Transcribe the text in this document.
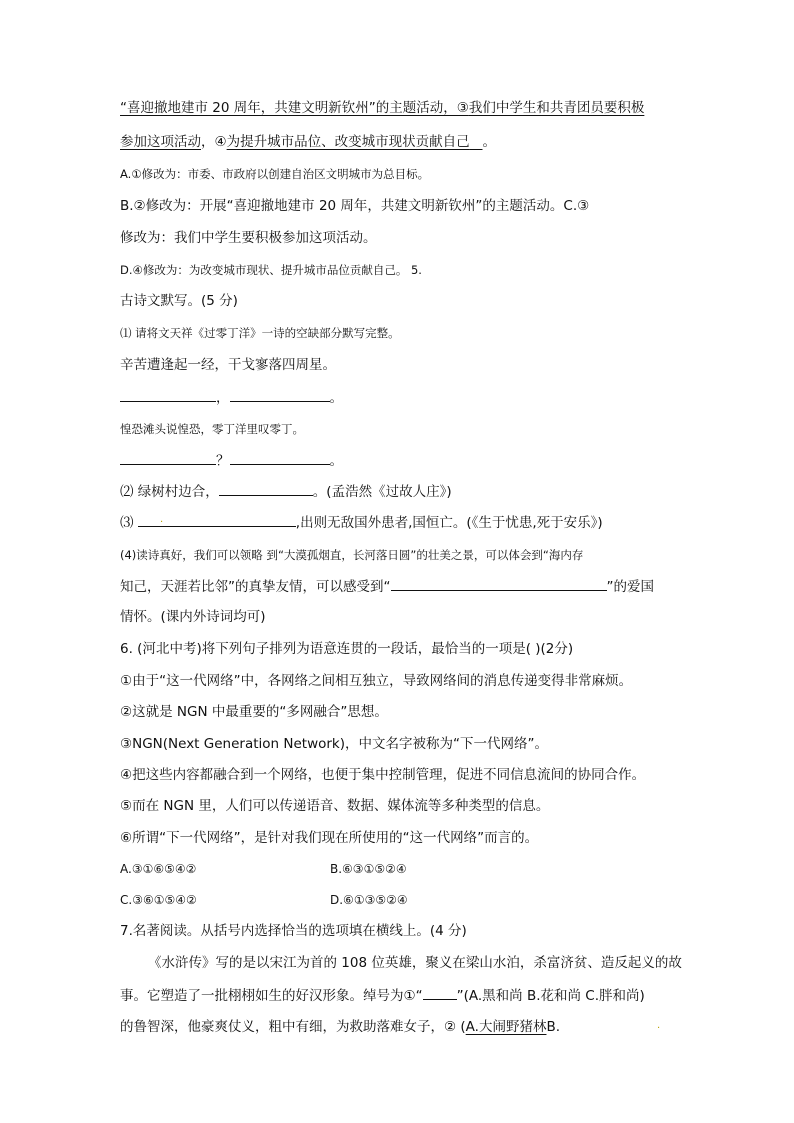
“喜迎撤地建市 20 周年，共建文明新钦州”的主题活动，③我们中学生和共青团员要积极
参加这项活动，④为提升城市品位、改变城市现状贡献自己 。
A.①修改为：市委、市政府以创建自治区文明城市为总目标。
B.②修改为：开展“喜迎撤地建市 20 周年，共建文明新钦州”的主题活动。C.③
修改为：我们中学生要积极参加这项活动。
D.④修改为：为改变城市现状、提升城市品位贡献自己。 5.
古诗文默写。(5 分)
⑴ 请将文天祥《过零丁洋》一诗的空缺部分默写完整。
辛苦遭逢起一经，干戈寥落四周星。
，	。
惶恐滩头说惶恐，零丁洋里叹零丁。
？	。
⑵ 绿树村边合，	。(孟浩然《过故人庄》)
⑶	,出则无敌国外患者,国恒亡。(《生于忧患,死于安乐》)
(4)读诗真好，我们可以领略 到“大漠孤烟直，长河落日圆”的壮美之景，可以体会到“海内存
知己，天涯若比邻”的真挚友情，可以感受到“	”的爱国
情怀。(课内外诗词均可)
6. (河北中考)将下列句子排列为语意连贯的一段话，最恰当的一项是( )(2分)
①由于“这一代网络”中，各网络之间相互独立，导致网络间的消息传递变得非常麻烦。
②这就是 NGN 中最重要的“多网融合”思想。
③NGN(Next Generation Network)，中文名字被称为“下一代网络”。
④把这些内容都融合到一个网络，也便于集中控制管理，促进不同信息流间的协同合作。
⑤而在 NGN 里，人们可以传递语音、数据、媒体流等多种类型的信息。
⑥所谓“下一代网络”，是针对我们现在所使用的“这一代网络”而言的。
A.③①⑥⑤④②	B.⑥③①⑤②④
C.③⑥①⑤④②	D.⑥①③⑤②④
7.名著阅读。从括号内选择恰当的选项填在横线上。(4 分)
《水浒传》写的是以宋江为首的 108 位英雄，聚义在梁山水泊，杀富济贫、造反起义的故
事。它塑造了一批栩栩如生的好汉形象。绰号为①“	”(A.黑和尚 B.花和尚 C.胖和尚)
的鲁智深，他豪爽仗义，粗中有细，为救助落难女子，② (A.大闹野猪林B.
.
.
